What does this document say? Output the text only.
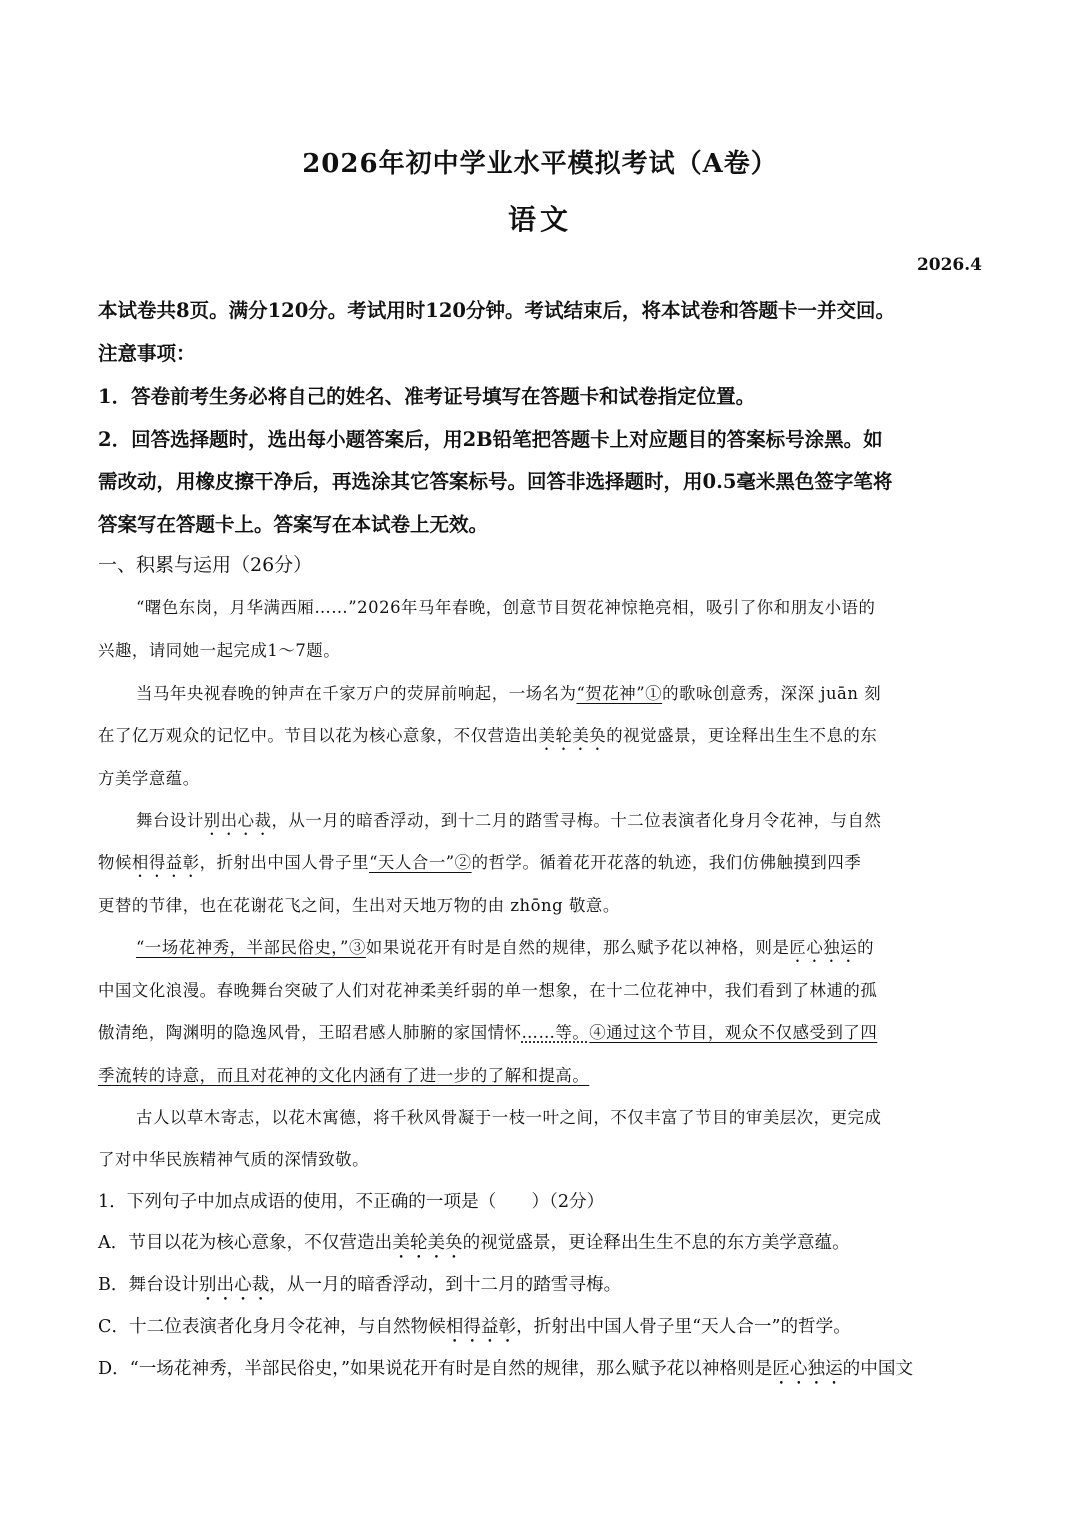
2026年初中学业水平模拟考试（A卷）
语文
2026.4
本试卷共8页。满分120分。考试用时120分钟。考试结束后，将本试卷和答题卡一并交回。
注意事项：
1．答卷前考生务必将自己的姓名、准考证号填写在答题卡和试卷指定位置。
2．回答选择题时，选出每小题答案后，用2B铅笔把答题卡上对应题目的答案标号涂黑。如
需改动，用橡皮擦干净后，再选涂其它答案标号。回答非选择题时，用0.5毫米黑色签字笔将
答案写在答题卡上。答案写在本试卷上无效。
一、积累与运用（26分）
“曙色东岗，月华满西厢……”2026年马年春晚，创意节目贺花神惊艳亮相，吸引了你和朋友小语的
兴趣，请同她一起完成1～7题。
当马年央视春晚的钟声在千家万户的荧屏前响起，一场名为“贺花神”①的歌咏创意秀，深深 juān 刻
在了亿万观众的记忆中。节目以花为核心意象，不仅营造出美轮美奂的视觉盛景，更诠释出生生不息的东
方美学意蕴。
舞台设计别出心裁，从一月的暗香浮动，到十二月的踏雪寻梅。十二位表演者化身月令花神，与自然
物候相得益彰，折射出中国人骨子里“天人合一”②的哲学。循着花开花落的轨迹，我们仿佛触摸到四季
更替的节律，也在花谢花飞之间，生出对天地万物的由 zhōng 敬意。
“一场花神秀，半部民俗史，”③如果说花开有时是自然的规律，那么赋予花以神格，则是匠心独运的
中国文化浪漫。春晚舞台突破了人们对花神柔美纤弱的单一想象，在十二位花神中，我们看到了林逋的孤
傲清绝，陶渊明的隐逸风骨，王昭君感人肺腑的家国情怀……等。④通过这个节目，观众不仅感受到了四
季流转的诗意，而且对花神的文化内涵有了进一步的了解和提高。
古人以草木寄志，以花木寓德，将千秋风骨凝于一枝一叶之间，不仅丰富了节目的审美层次，更完成
了对中华民族精神气质的深情致敬。
1．下列句子中加点成语的使用，不正确的一项是（　　）（2分）
A．节目以花为核心意象，不仅营造出美轮美奂的视觉盛景，更诠释出生生不息的东方美学意蕴。
B．舞台设计别出心裁，从一月的暗香浮动，到十二月的踏雪寻梅。
C．十二位表演者化身月令花神，与自然物候相得益彰，折射出中国人骨子里“天人合一”的哲学。
D．“一场花神秀，半部民俗史，”如果说花开有时是自然的规律，那么赋予花以神格则是匠心独运的中国文
